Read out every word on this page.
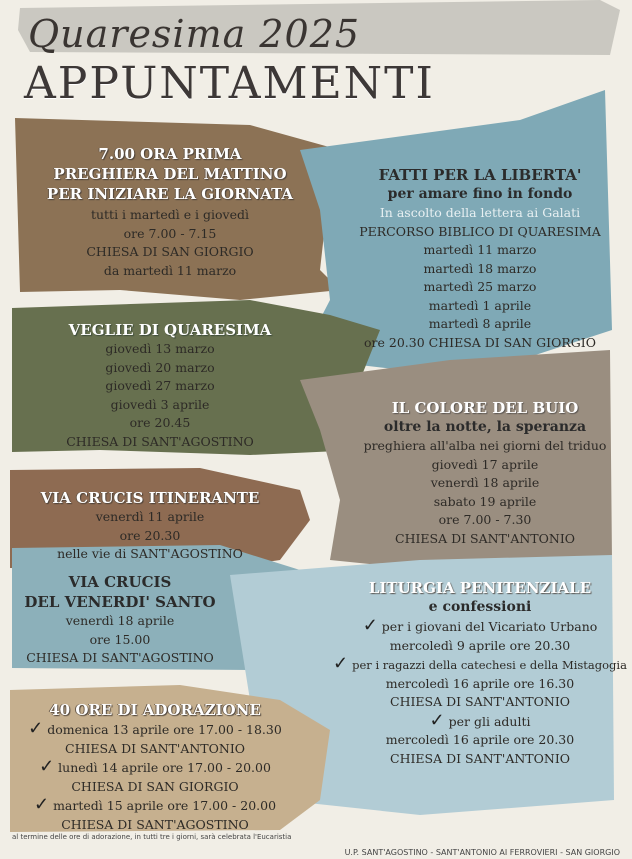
Quaresima 2025
APPUNTAMENTI
7.00 ORA PRIMA
PREGHIERA DEL MATTINO
PER INIZIARE LA GIORNATA
tutti i martedì e i giovedì
ore 7.00 - 7.15
CHIESA DI SAN GIORGIO
da martedì 11 marzo
FATTI PER LA LIBERTA'
per amare fino in fondo
In ascolto della lettera ai Galati
PERCORSO BIBLICO DI QUARESIMA
martedì 11 marzo
martedì 18 marzo
martedì 25 marzo
martedì 1 aprile
martedì 8 aprile
ore 20.30 CHIESA DI SAN GIORGIO
VEGLIE DI QUARESIMA
giovedì 13 marzo
giovedì 20 marzo
giovedì 27 marzo
giovedì 3 aprile
ore 20.45
CHIESA DI SANT'AGOSTINO
IL COLORE DEL BUIO
oltre la notte, la speranza
preghiera all'alba nei giorni del triduo
giovedì 17 aprile
venerdì 18 aprile
sabato 19 aprile
ore 7.00 - 7.30
CHIESA DI SANT'ANTONIO
VIA CRUCIS ITINERANTE
venerdì 11 aprile
ore 20.30
nelle vie di SANT'AGOSTINO
VIA CRUCIS
DEL VENERDI' SANTO
venerdì 18 aprile
ore 15.00
CHIESA DI SANT'AGOSTINO
LITURGIA PENITENZIALE
e confessioni
✓ per i giovani del Vicariato Urbano
mercoledì 9 aprile ore 20.30
✓ per i ragazzi della catechesi e della Mistagogia
mercoledì 16 aprile ore 16.30
CHIESA DI SANT'ANTONIO
✓ per gli adulti
mercoledì 16 aprile ore 20.30
CHIESA DI SANT'ANTONIO
40 ORE DI ADORAZIONE
✓ domenica 13 aprile ore 17.00 - 18.30
CHIESA DI SANT'ANTONIO
✓ lunedì 14 aprile ore 17.00 - 20.00
CHIESA DI SAN GIORGIO
✓ martedì 15 aprile ore 17.00 - 20.00
CHIESA DI SANT'AGOSTINO
al termine delle ore di adorazione, in tutti tre i giorni, sarà celebrata l'Eucaristia
U.P. SANT'AGOSTINO - SANT'ANTONIO AI FERROVIERI - SAN GIORGIO
